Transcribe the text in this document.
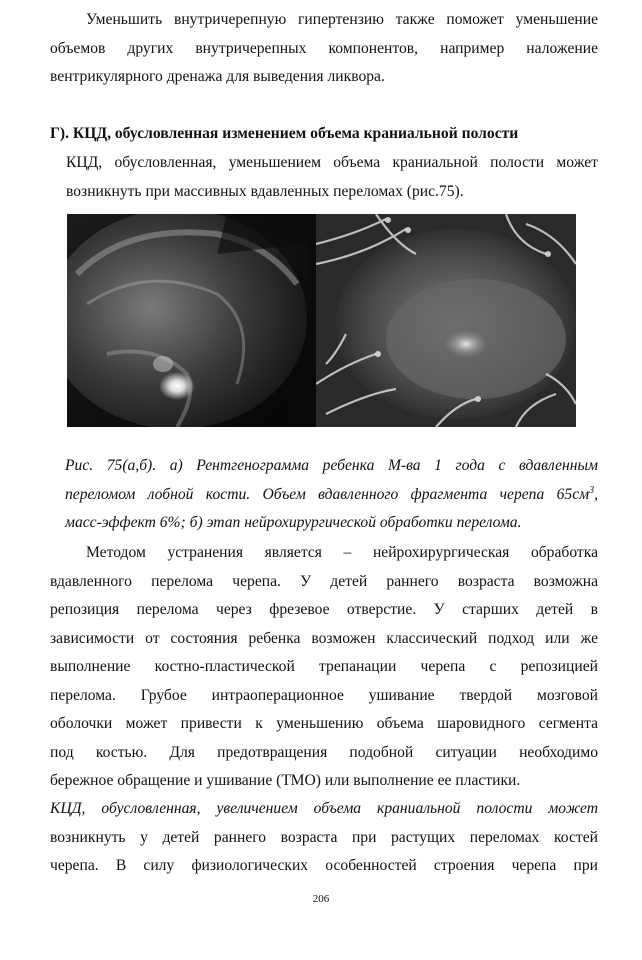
Уменьшить внутричерепную гипертензию также поможет уменьшение
объемов других внутричерепных компонентов, например наложение
вентрикулярного дренажа для выведения ликвора.
Г). КЦД, обусловленная изменением объема краниальной полости
КЦД, обусловленная, уменьшением объема краниальной полости может
возникнуть при массивных вдавленных переломах (рис.75).
Рис. 75(а,б). а) Рентгенограмма ребенка М-ва 1 года с вдавленным
переломом лобной кости. Объем вдавленного фрагмента черепа $65см^3$,
масс-эффект 6%; б) этап нейрохирургической обработки перелома.
Методом устранения является – нейрохирургическая обработка
вдавленного перелома черепа. У детей раннего возраста возможна
репозиция перелома через фрезевое отверстие. У старших детей в
зависимости от состояния ребенка возможен классический подход или же
выполнение костно-пластической трепанации черепа с репозицией
перелома. Грубое интраоперационное ушивание твердой мозговой
оболочки может привести к уменьшению объема шаровидного сегмента
под костью. Для предотвращения подобной ситуации необходимо
бережное обращение и ушивание (ТМО) или выполнение ее пластики.
КЦД, обусловленная, увеличением объема краниальной полости может
возникнуть у детей раннего возраста при растущих переломах костей
черепа. В силу физиологических особенностей строения черепа при
206
